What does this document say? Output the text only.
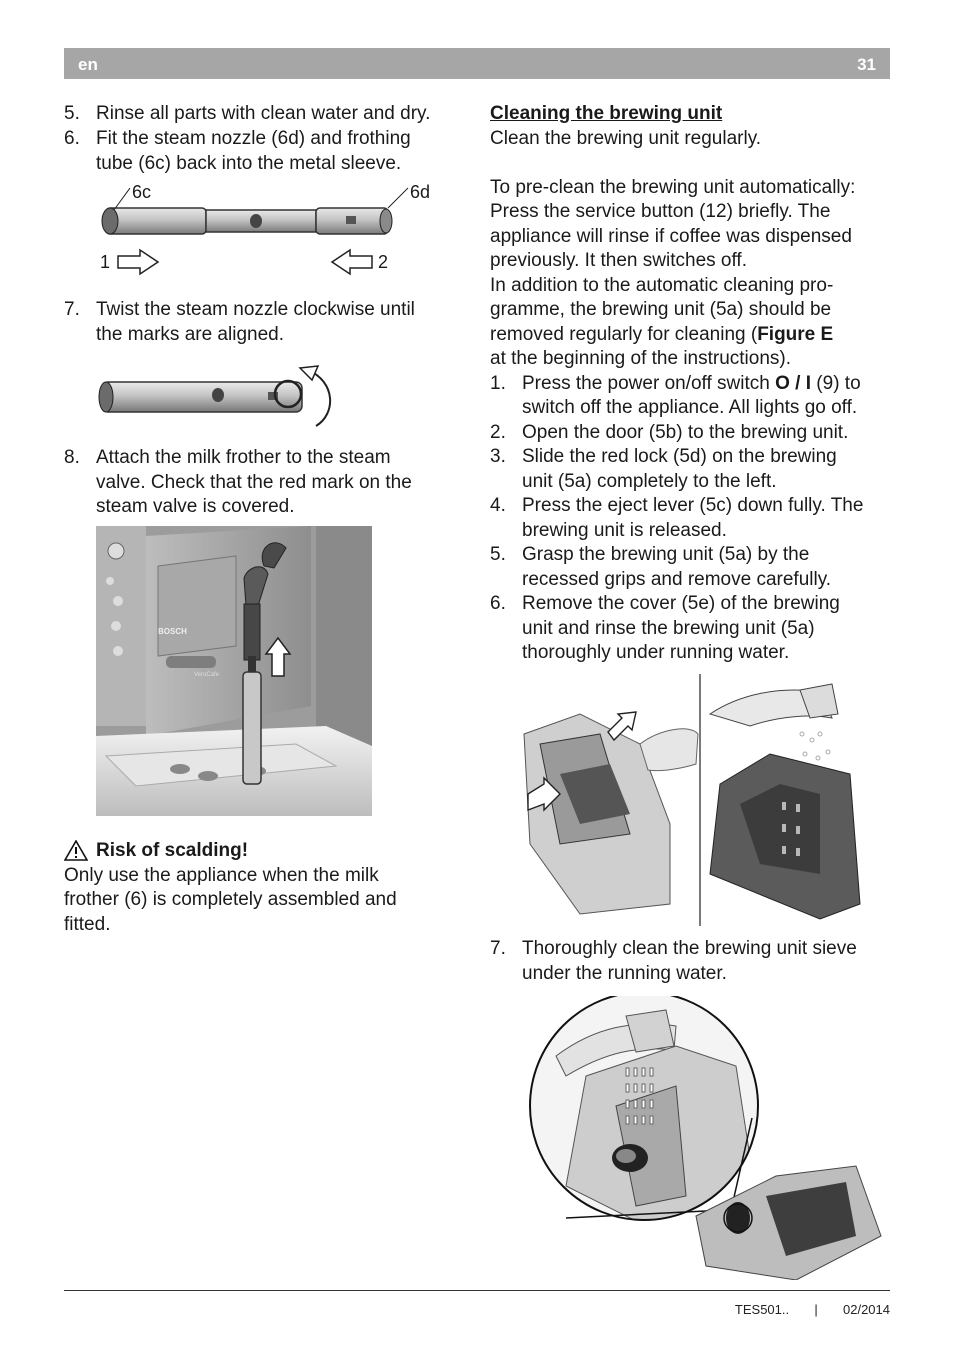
en	31
5. Rinse all parts with clean water and dry.
6. Fit the steam nozzle (6d) and frothing
tube (6c) back into the metal sleeve.
6c	6d
1	2
7. Twist the steam nozzle clockwise until
the marks are aligned.
8. Attach the milk frother to the steam
valve. Check that the red mark on the
steam valve is covered.
BOSCH
VeroCafe
Risk of scalding!
Only use the appliance when the milk
frother (6) is completely assembled and
fitted.
Cleaning the brewing unit
Clean the brewing unit regularly.
To pre-clean the brewing unit automatically:
Press the service button (12) briefly. The
appliance will rinse if coffee was dispensed
previously. It then switches off.
In addition to the automatic cleaning pro-
gramme, the brewing unit (5a) should be
removed regularly for cleaning (Figure E
at the beginning of the instructions).
1. Press the power on/off switch O / I (9) to
switch off the appliance. All lights go off.
2. Open the door (5b) to the brewing unit.
3. Slide the red lock (5d) on the brewing
unit (5a) completely to the left.
4. Press the eject lever (5c) down fully. The
brewing unit is released.
5. Grasp the brewing unit (5a) by the
recessed grips and remove carefully.
6. Remove the cover (5e) of the brewing
unit and rinse the brewing unit (5a)
thoroughly under running water.
7. Thoroughly clean the brewing unit sieve
under the running water.
TES501.. | 02/2014
